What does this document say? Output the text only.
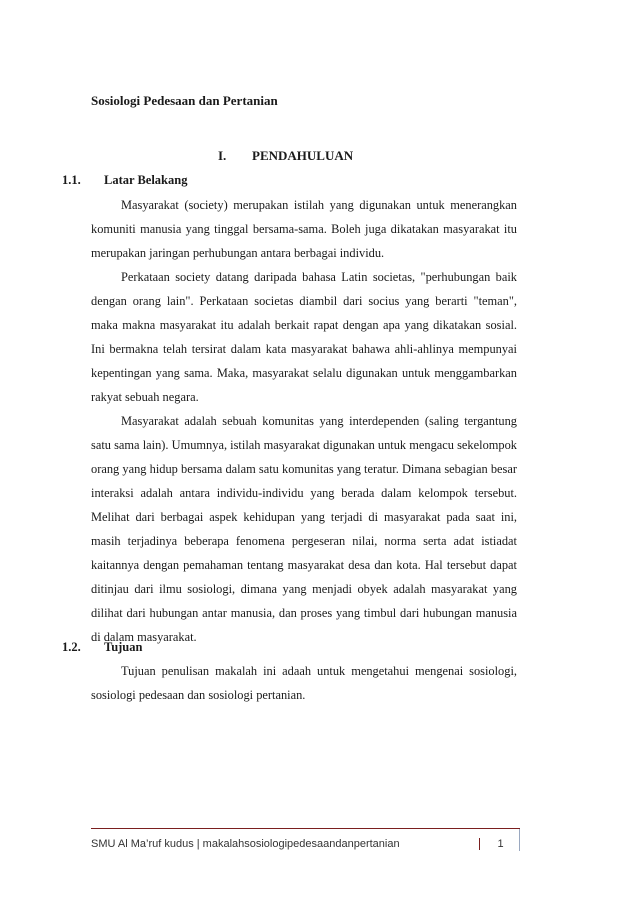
Sosiologi Pedesaan dan Pertanian
I.	PENDAHULUAN
1.1.	Latar Belakang

Masyarakat (society) merupakan istilah yang digunakan untuk menerangkan komuniti manusia yang tinggal bersama-sama. Boleh juga dikatakan masyarakat itu merupakan jaringan perhubungan antara berbagai individu.

Perkataan society datang daripada bahasa Latin societas, "perhubungan baik dengan orang lain". Perkataan societas diambil dari socius yang berarti "teman", maka makna masyarakat itu adalah berkait rapat dengan apa yang dikatakan sosial. Ini bermakna telah tersirat dalam kata masyarakat bahawa ahli-ahlinya mempunyai kepentingan yang sama. Maka, masyarakat selalu digunakan untuk menggambarkan rakyat sebuah negara.

Masyarakat adalah sebuah komunitas yang interdependen (saling tergantung satu sama lain). Umumnya, istilah masyarakat digunakan untuk mengacu sekelompok orang yang hidup bersama dalam satu komunitas yang teratur. Dimana sebagian besar interaksi adalah antara individu-individu yang berada dalam kelompok tersebut. Melihat dari berbagai aspek kehidupan yang terjadi di masyarakat pada saat ini, masih terjadinya beberapa fenomena pergeseran nilai, norma serta adat istiadat kaitannya dengan pemahaman tentang masyarakat desa dan kota. Hal tersebut dapat ditinjau dari ilmu sosiologi, dimana yang menjadi obyek adalah masyarakat yang dilihat dari hubungan antar manusia, dan proses yang timbul dari hubungan manusia di dalam masyarakat.

1.2.	Tujuan

Tujuan penulisan makalah ini adaah untuk mengetahui mengenai sosiologi, sosiologi pedesaan dan sosiologi pertanian.

SMU Al Ma’ruf kudus | makalahsosiologipedesaandanpertanian	1
